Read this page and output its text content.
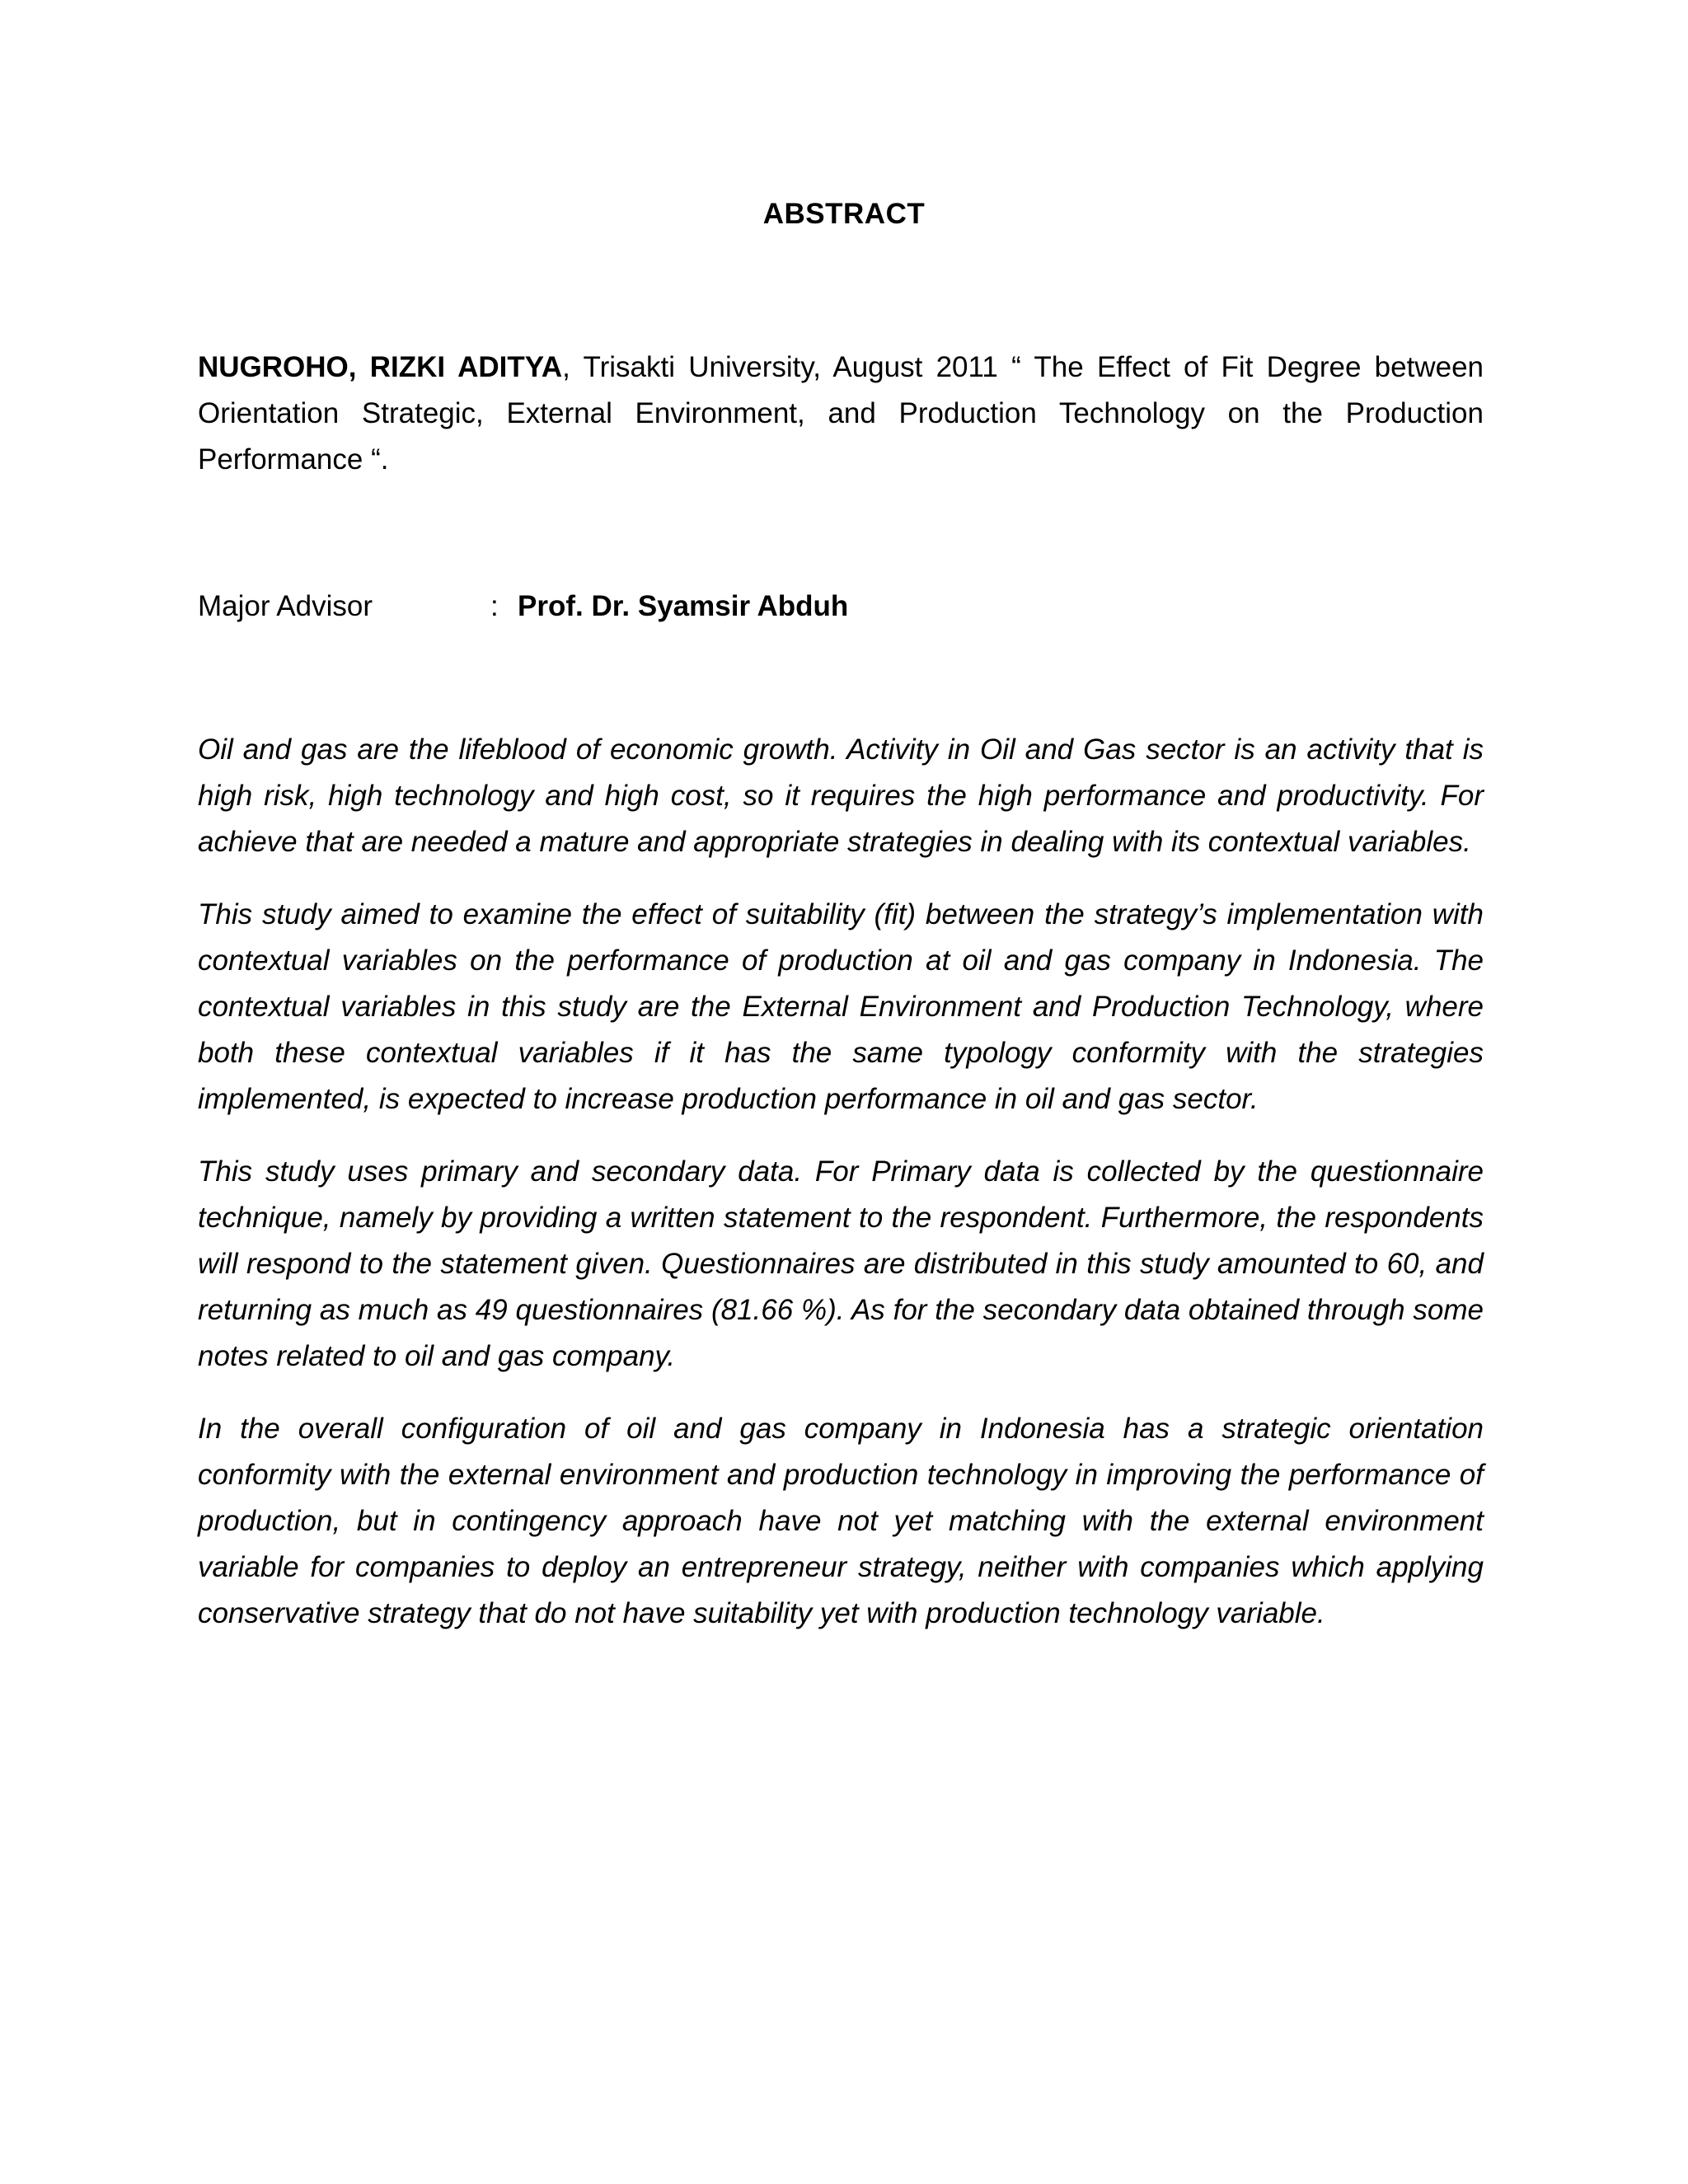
ABSTRACT
NUGROHO, RIZKI ADITYA, Trisakti University, August 2011 “ The Effect of Fit Degree between Orientation Strategic, External Environment, and Production Technology on the Production Performance “.
Major Advisor	: Prof. Dr. Syamsir Abduh

Oil and gas are the lifeblood of economic growth. Activity in Oil and Gas sector is an activity that is high risk, high technology and high cost, so it requires the high performance and productivity. For achieve that are needed a mature and appropriate strategies in dealing with its contextual variables.

This study aimed to examine the effect of suitability (fit) between the strategy’s implementation with contextual variables on the performance of production at oil and gas company in Indonesia. The contextual variables in this study are the External Environment and Production Technology, where both these contextual variables if it has the same typology conformity with the strategies implemented, is expected to increase production performance in oil and gas sector.

This study uses primary and secondary data. For Primary data is collected by the questionnaire technique, namely by providing a written statement to the respondent. Furthermore, the respondents will respond to the statement given. Questionnaires are distributed in this study amounted to 60, and returning as much as 49 questionnaires (81.66 %). As for the secondary data obtained through some notes related to oil and gas company.

In the overall configuration of oil and gas company in Indonesia has a strategic orientation conformity with the external environment and production technology in improving the performance of production, but in contingency approach have not yet matching with the external environment variable for companies to deploy an entrepreneur strategy, neither with companies which applying conservative strategy that do not have suitability yet with production technology variable.
